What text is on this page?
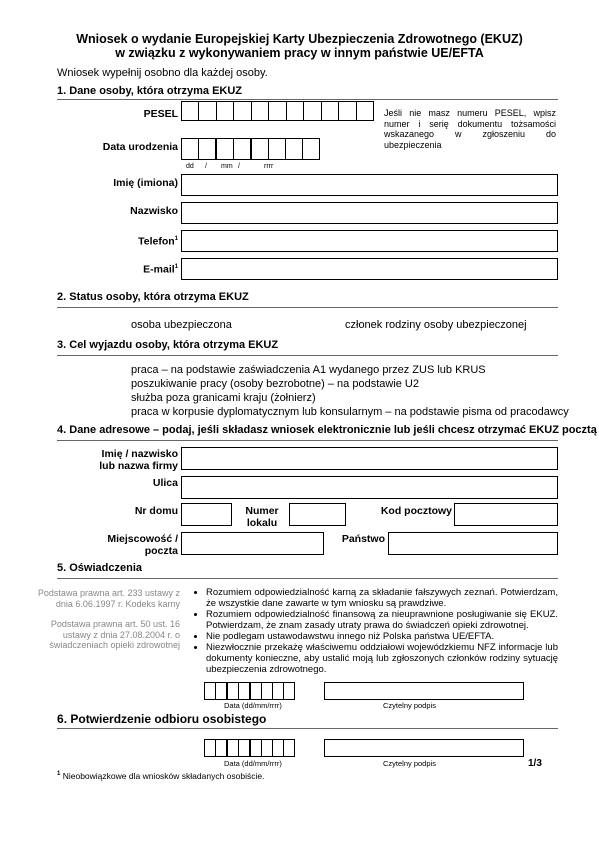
Wniosek o wydanie Europejskiej Karty Ubezpieczenia Zdrowotnego (EKUZ)
w związku z wykonywaniem pracy w innym państwie UE/EFTA
Wniosek wypełnij osobno dla każdej osoby.
1. Dane osoby, która otrzyma EKUZ
PESEL	Jeśli nie masz numeru PESEL, wpisz numer i serię dokumentu tożsamości wskazanego w zgłoszeniu do ubezpieczenia
Data urodzenia
dd / mm /	rrrr
Imię (imiona)
Nazwisko
Telefon$^1$
E-mail$^1$
2. Status osoby, która otrzyma EKUZ
osoba ubezpieczona	członek rodziny osoby ubezpieczonej
3. Cel wyjazdu osoby, która otrzyma EKUZ
praca – na podstawie zaświadczenia A1 wydanego przez ZUS lub KRUS
poszukiwanie pracy (osoby bezrobotne) – na podstawie U2
służba poza granicami kraju (żołnierz)
praca w korpusie dyplomatycznym lub konsularnym – na podstawie pisma od pracodawcy
4. Dane adresowe – podaj, jeśli składasz wniosek elektronicznie lub jeśli chcesz otrzymać EKUZ pocztą
Imię / nazwisko
lub nazwa firmy
Ulica
Nr domu	Numer
lokalu
Kod pocztowy
Miejscowość /
poczta
Państwo
5. Oświadczenia
Podstawa prawna art. 233 ustawy z dnia 6.06.1997 r. Kodeks karny
Podstawa prawna art. 50 ust. 16 ustawy z dnia 27.08.2004 r. o świadczeniach opieki zdrowotnej
• Rozumiem odpowiedzialność karną za składanie fałszywych zeznań. Potwierdzam, że wszystkie dane zawarte w tym wniosku są prawdziwe.
• Rozumiem odpowiedzialność finansową za nieuprawnione posługiwanie się EKUZ. Potwierdzam, że znam zasady utraty prawa do świadczeń opieki zdrowotnej.
• Nie podlegam ustawodawstwu innego niż Polska państwa UE/EFTA.
• Niezwłocznie przekażę właściwemu oddziałowi wojewódzkiemu NFZ informacje lub dokumenty konieczne, aby ustalić moją lub zgłoszonych członków rodziny sytuację ubezpieczenia zdrowotnego.
Data (dd/mm/rrrr)	Czytelny podpis
6. Potwierdzenie odbioru osobistego
Data (dd/mm/rrrr)	Czytelny podpis	1/3
$^1$ Nieobowiązkowe dla wniosków składanych osobiście.
